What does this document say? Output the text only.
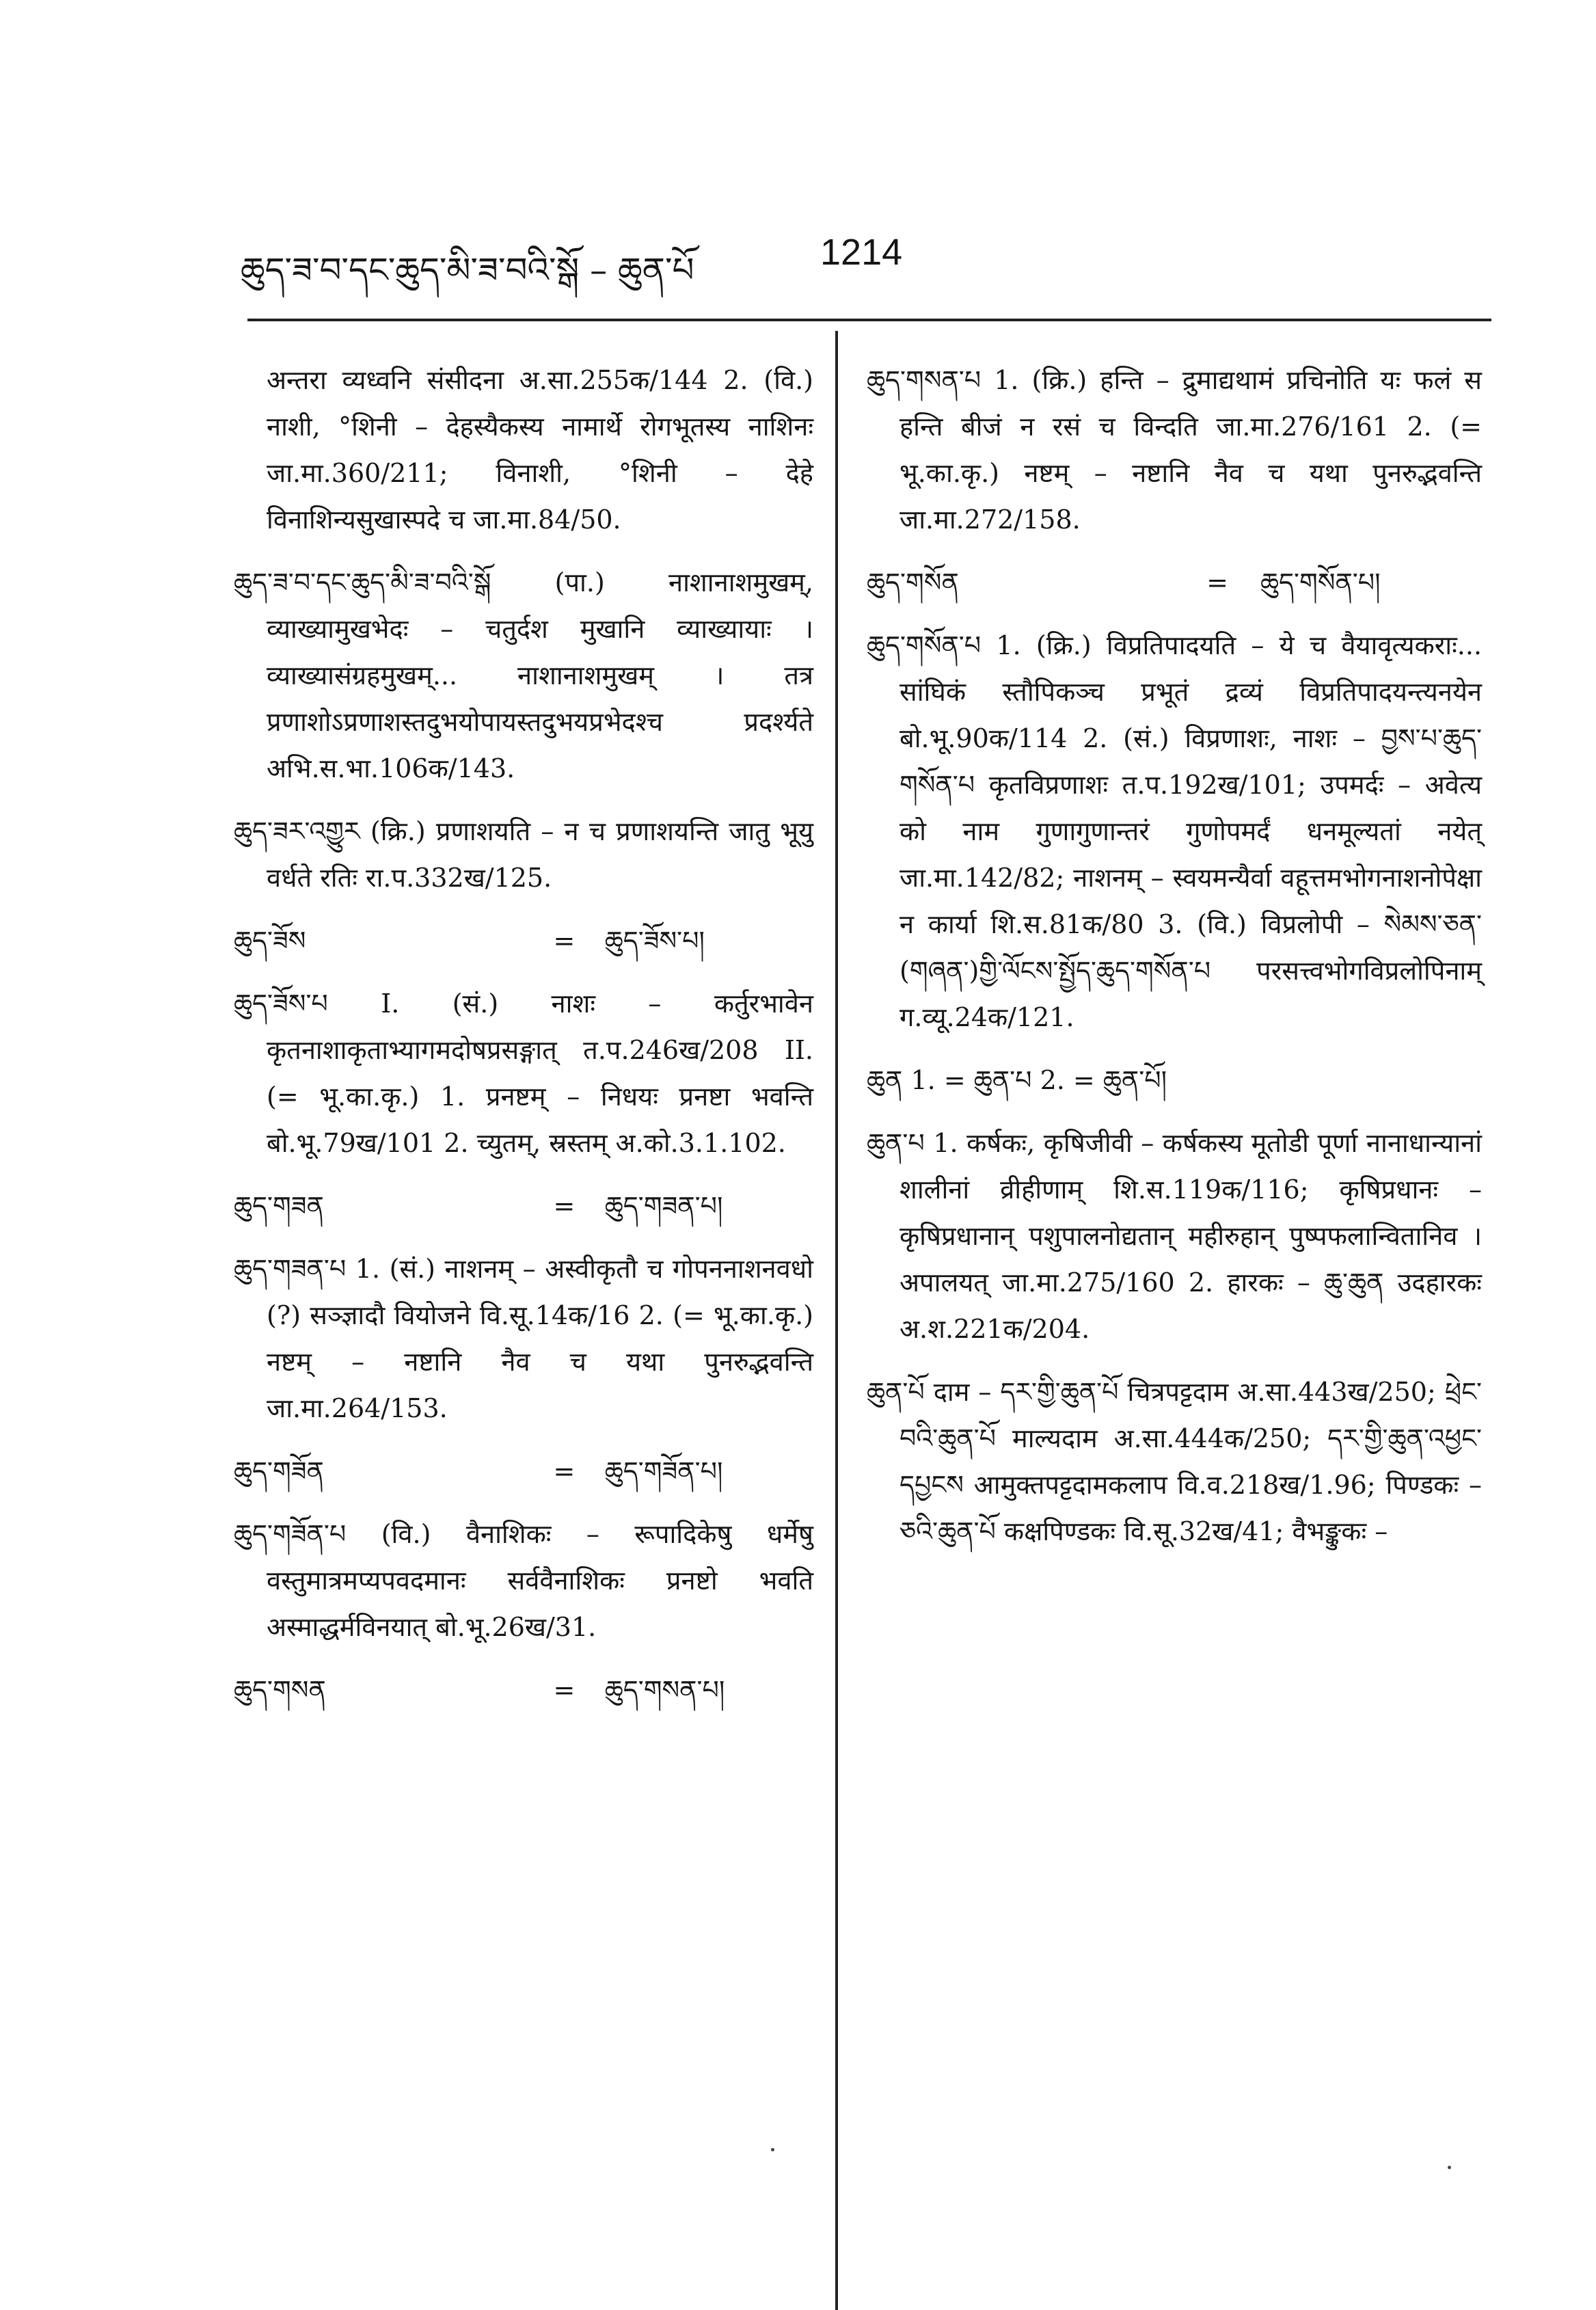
ཆུད་ཟ་བ་དང་ཆུད་མི་ཟ་བའི་སྒོ – ཆུན་པོ	1214

अन्तरा व्यध्वनि संसीदना अ.सा.255क/144 2. (वि.) नाशी, °शिनी – देहस्यैकस्य नामार्थे रोगभूतस्य नाशिनः जा.मा.360/211; विनाशी, °शिनी – देहे विनाशिन्यसुखास्पदे च जा.मा.84/50.

ཆུད་ཟ་བ་དང་ཆུད་མི་ཟ་བའི་སྒོ (पा.) नाशानाशमुखम्, व्याख्यामुखभेदः – चतुर्दश मुखानि व्याख्यायाः । व्याख्यासंग्रहमुखम्... नाशानाशमुखम् । तत्र प्रणाशोऽप्रणाशस्तदुभयोपायस्तदुभयप्रभेदश्च प्रदर्श्यते अभि.स.भा.106क/143.

ཆུད་ཟར་འགྱུར (क्रि.) प्रणाशयति – न च प्रणाशयन्ति जातु भूयु वर्धते रतिः रा.प.332ख/125.

ཆུད་ཟོས	=	ཆུད་ཟོས་པ།

ཆུད་ཟོས་པ I. (सं.) नाशः – कर्तुरभावेन कृतनाशाकृताभ्यागमदोषप्रसङ्गात् त.प.246ख/208 II. (= भू.का.कृ.) 1. प्रनष्टम् – निधयः प्रनष्टा भवन्ति बो.भू.79ख/101 2. च्युतम्, स्रस्तम् अ.को.3.1.102.

ཆུད་གཟན	=	ཆུད་གཟན་པ།

ཆུད་གཟན་པ 1. (सं.) नाशनम् – अस्वीकृतौ च गोपननाशनवधो (?) सञ्ज्ञादौ वियोजने वि.सू.14क/16 2. (= भू.का.कृ.) नष्टम् – नष्टानि नैव च यथा पुनरुद्भवन्ति जा.मा.264/153.

ཆུད་གཟོན	=	ཆུད་གཟོན་པ།

ཆུད་གཟོན་པ (वि.) वैनाशिकः – रूपादिकेषु धर्मेषु वस्तुमात्रमप्यपवदमानः सर्ववैनाशिकः प्रनष्टो भवति अस्माद्धर्मविनयात् बो.भू.26ख/31.

ཆུད་གསན	=	ཆུད་གསན་པ།

ཆུད་གསན་པ 1. (क्रि.) हन्ति – द्रुमाद्यथामं प्रचिनोति यः फलं स हन्ति बीजं न रसं च विन्दति जा.मा.276/161 2. (= भू.का.कृ.) नष्टम् – नष्टानि नैव च यथा पुनरुद्भवन्ति जा.मा.272/158.

ཆུད་གསོན	=	ཆུད་གསོན་པ།

ཆུད་གསོན་པ 1. (क्रि.) विप्रतिपादयति – ये च वैयावृत्यकराः... सांघिकं स्तौपिकञ्च प्रभूतं द्रव्यं विप्रतिपादयन्त्यनयेन बो.भू.90क/114 2. (सं.) विप्रणाशः, नाशः – བྱས་པ་ཆུད་གསོན་པ कृतविप्रणाशः त.प.192ख/101; उपमर्दः – अवेत्य को नाम गुणागुणान्तरं गुणोपमर्दं धनमूल्यतां नयेत् जा.मा.142/82; नाशनम् – स्वयमन्यैर्वा वहूत्तमभोगनाशनोपेक्षा न कार्या शि.स.81क/80 3. (वि.) विप्रलोपी – སེམས་ཅན་(གཞན་)གྱི་ལོངས་སྤྱོད་ཆུད་གསོན་པ परसत्त्वभोगविप्रलोपिनाम् ग.व्यू.24क/121.

ཆུན 1. = ཆུན་པ 2. = ཆུན་པོ།

ཆུན་པ 1. कर्षकः, कृषिजीवी – कर्षकस्य मूतोडी पूर्णा नानाधान्यानां शालीनां व्रीहीणाम् शि.स.119क/116; कृषिप्रधानः – कृषिप्रधानान् पशुपालनोद्यतान् महीरुहान् पुष्पफलान्वितानिव । अपालयत् जा.मा.275/160 2. हारकः – ཆུ་ཆུན उदहारकः अ.श.221क/204.

ཆུན་པོ दाम – དར་གྱི་ཆུན་པོ चित्रपट्टदाम अ.सा.443ख/250; ཕྲེང་བའི་ཆུན་པོ माल्यदाम अ.सा.444क/250; དར་གྱི་ཆུན་འཕྱང་དཔྱངས आमुक्तपट्टदामकलाप वि.व.218ख/1.96; पिण्डकः – ཅའི་ཆུན་པོ कक्षपिण्डकः वि.सू.32ख/41; वैभङ्कुकः –
